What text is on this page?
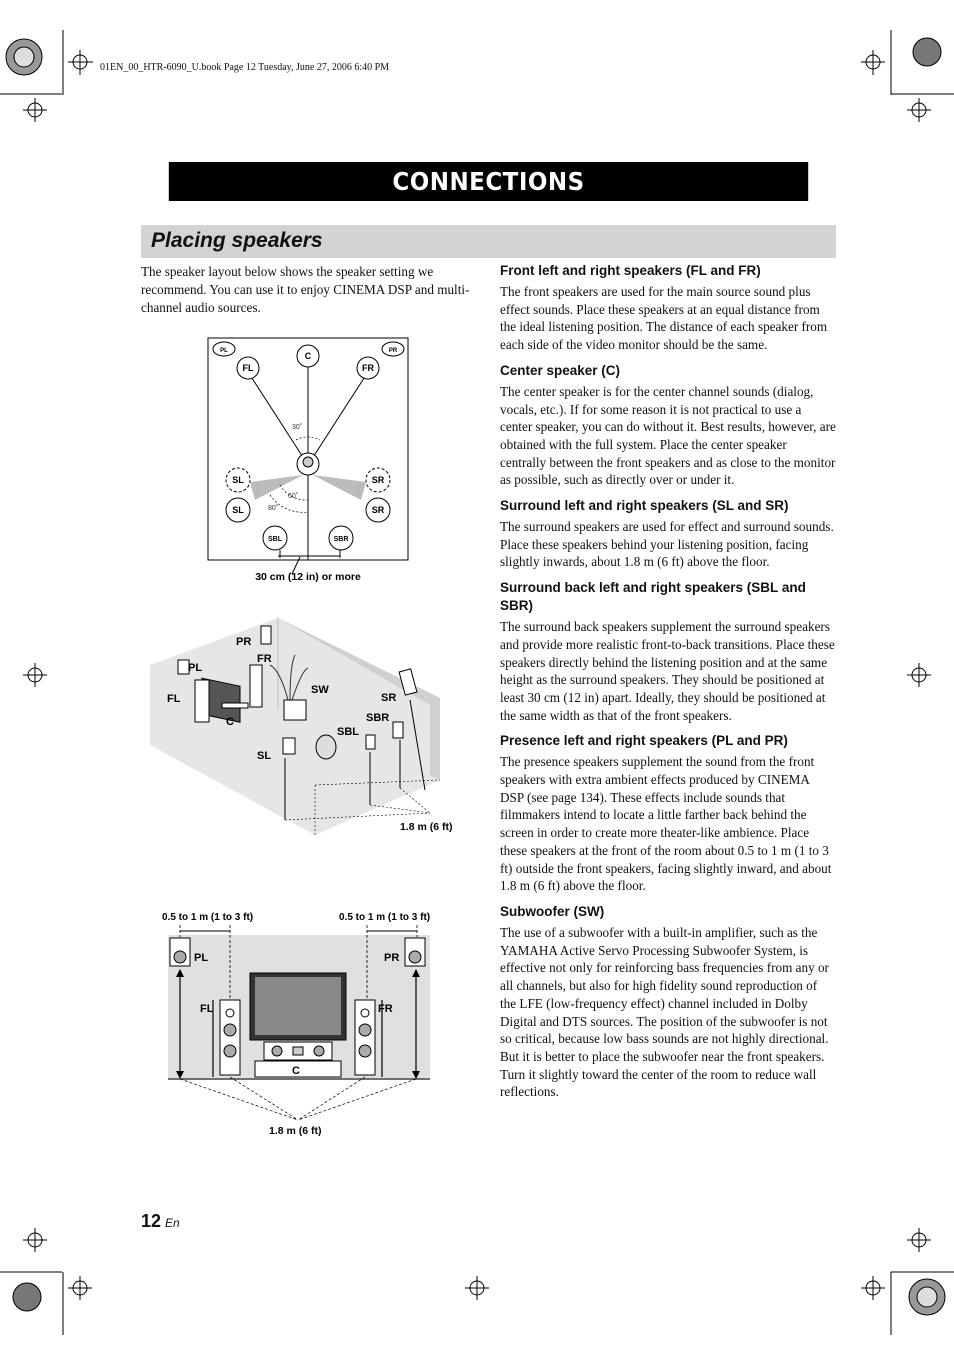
01EN_00_HTR-6090_U.book Page 12 Tuesday, June 27, 2006 6:40 PM
CONNECTIONS
Placing speakers
The speaker layout below shows the speaker setting we recommend. You can use it to enjoy CINEMA DSP and multi-channel audio sources.
PL	PR
C
FL	FR
SL	SR
SL	SR
SBL	SBR
30˚
60˚
80˚
30 cm (12 in) or more
PR
PL
FR
FL
SW
SR
SBR
C
SBL
SL
1.8 m (6 ft)
0.5 to 1 m (1 to 3 ft)	0.5 to 1 m (1 to 3 ft)
PL	PR
FL	FR
C
1.8 m (6 ft)
Front left and right speakers (FL and FR)

The front speakers are used for the main source sound plus effect sounds. Place these speakers at an equal distance from the ideal listening position. The distance of each speaker from each side of the video monitor should be the same.

Center speaker (C)

The center speaker is for the center channel sounds (dialog, vocals, etc.). If for some reason it is not practical to use a center speaker, you can do without it. Best results, however, are obtained with the full system. Place the center speaker centrally between the front speakers and as close to the monitor as possible, such as directly over or under it.

Surround left and right speakers (SL and SR)

The surround speakers are used for effect and surround sounds. Place these speakers behind your listening position, facing slightly inwards, about 1.8 m (6 ft) above the floor.

Surround back left and right speakers (SBL and SBR)

The surround back speakers supplement the surround speakers and provide more realistic front-to-back transitions. Place these speakers directly behind the listening position and at the same height as the surround speakers. They should be positioned at least 30 cm (12 in) apart. Ideally, they should be positioned at the same width as that of the front speakers.

Presence left and right speakers (PL and PR)

The presence speakers supplement the sound from the front speakers with extra ambient effects produced by CINEMA DSP (see page 134). These effects include sounds that filmmakers intend to locate a little farther back behind the screen in order to create more theater-like ambience. Place these speakers at the front of the room about 0.5 to 1 m (1 to 3 ft) outside the front speakers, facing slightly inward, and about 1.8 m (6 ft) above the floor.

Subwoofer (SW)

The use of a subwoofer with a built-in amplifier, such as the YAMAHA Active Servo Processing Subwoofer System, is effective not only for reinforcing bass frequencies from any or all channels, but also for high fidelity sound reproduction of the LFE (low-frequency effect) channel included in Dolby Digital and DTS sources. The position of the subwoofer is not so critical, because low bass sounds are not highly directional. But it is better to place the subwoofer near the front speakers. Turn it slightly toward the center of the room to reduce wall reflections.

12 En
